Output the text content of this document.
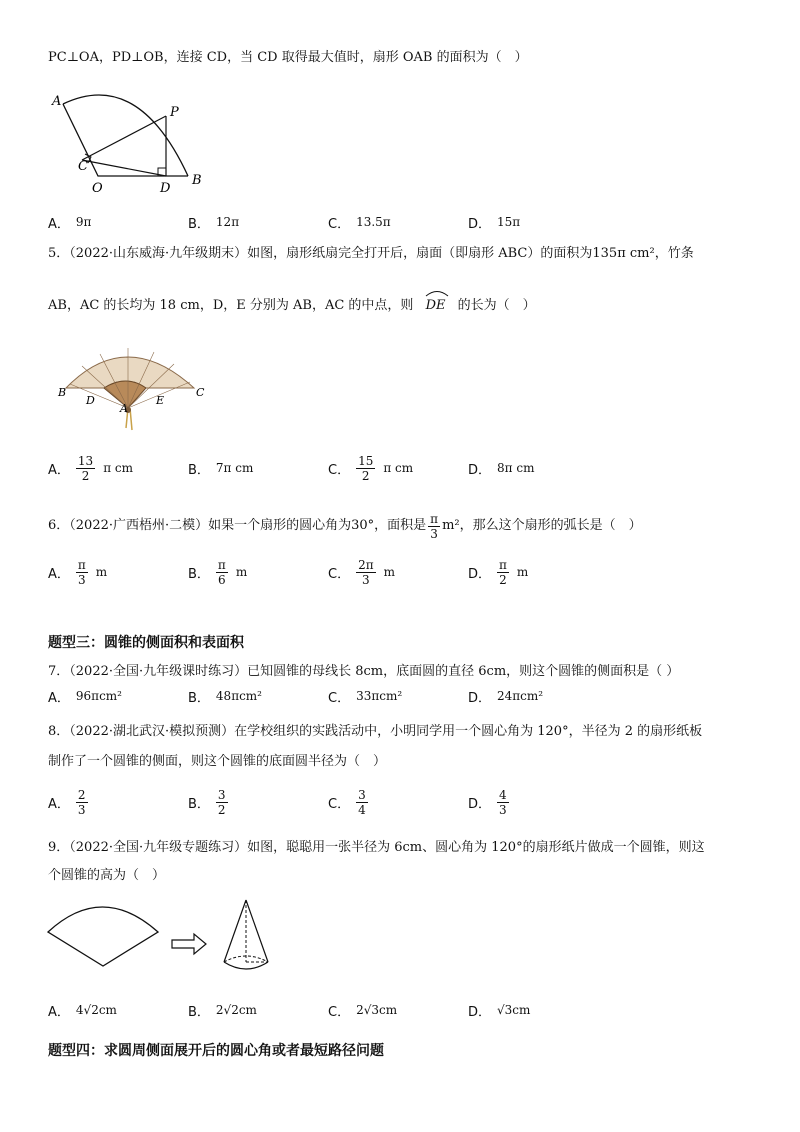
PC⊥OA，PD⊥OB，连接 CD，当 CD 取得最大值时，扇形 OAB 的面积为（　）
A
P
C
O	D
B
A． 9π	B． 12π	C． 13.5π	D． 15π
5．（2022·山东威海·九年级期末）如图，扇形纸扇完全打开后，扇面（即扇形 ABC）的面积为135π cm²，竹条
AB，AC 的长均为 18 cm，D，E 分别为 AB，AC 的中点，则 DE 的长为（　）
B
D
A
E
C
A． $\frac{13}{2}$ π cm	B． 7π cm	C． $\frac{15}{2}$ π cm	D． 8π cm
6．（2022·广西梧州·二模）如果一个扇形的圆心角为30°，面积是 $\frac{\pi}{3} m^2$ ，那么这个扇形的弧长是（　）
A． $\frac{\pi}{3}$ m	B． $\frac{\pi}{6}$ m	C． $\frac{2\pi}{3}$ m	D． $\frac{\pi}{2}$ m
题型三：圆锥的侧面积和表面积
7．（2022·全国·九年级课时练习）已知圆锥的母线长 8cm，底面圆的直径 6cm，则这个圆锥的侧面积是（ ）
A． 96πcm²	B． 48πcm²	C． 33πcm²	D． 24πcm²
8．（2022·湖北武汉·模拟预测）在学校组织的实践活动中，小明同学用一个圆心角为 120°，半径为 2 的扇形纸板
制作了一个圆锥的侧面，则这个圆锥的底面圆半径为（　）
A． $\frac{2}{3}$	B． $\frac{3}{2}$	C． $\frac{3}{4}$	D． $\frac{4}{3}$
9．（2022·全国·九年级专题练习）如图，聪聪用一张半径为 6cm、圆心角为 120°的扇形纸片做成一个圆锥，则这
个圆锥的高为（　）
A． 4√2cm	B． 2√2cm	C． 2√3cm	D． √3cm
题型四：求圆周侧面展开后的圆心角或者最短路径问题
